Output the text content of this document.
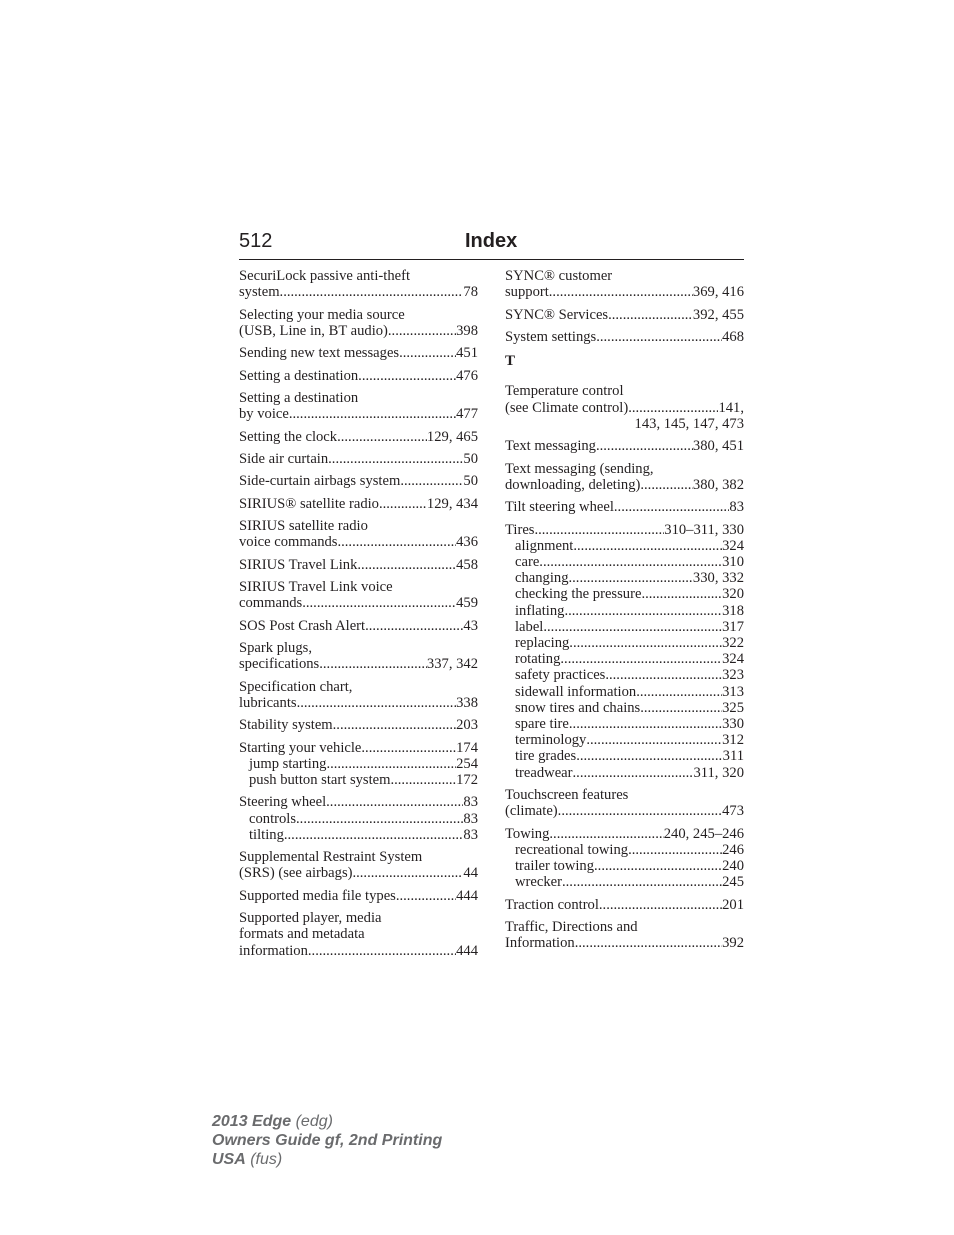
512	Index
SecuriLock passive anti-theft
system .....	78
Selecting your media source
(USB, Line in, BT audio) .....	398
Sending new text messages .....	451
Setting a destination .....	476
Setting a destination
by voice .....	477
Setting the clock .....	129, 465
Side air curtain .....	50
Side-curtain airbags system .....	50
SIRIUS® satellite radio .....	129, 434
SIRIUS satellite radio
voice commands .....	436
SIRIUS Travel Link .....	458
SIRIUS Travel Link voice
commands .....	459
SOS Post Crash Alert .....	43
Spark plugs,
specifications .....	337, 342
Specification chart,
lubricants .....	338
Stability system .....	203
Starting your vehicle .....	174
jump starting .....	254
push button start system .....	172
Steering wheel .....	83
controls .....	83
tilting .....	83
Supplemental Restraint System
(SRS) (see airbags) .....	44
Supported media file types .....	444
Supported player, media
formats and metadata
information .....	444
SYNC® customer
support .....	369, 416
SYNC® Services .....	392, 455
System settings .....	468
T
Temperature control
(see Climate control) .....	141,
143, 145, 147, 473
Text messaging .....	380, 451
Text messaging (sending,
downloading, deleting) .....	380, 382
Tilt steering wheel .....	83
Tires .....	310–311, 330
alignment .....	324
care .....	310
changing .....	330, 332
checking the pressure .....	320
inflating .....	318
label .....	317
replacing .....	322
rotating .....	324
safety practices .....	323
sidewall information .....	313
snow tires and chains .....	325
spare tire .....	330
terminology .....	312
tire grades .....	311
treadwear .....	311, 320
Touchscreen features
(climate) .....	473
Towing .....	240, 245–246
recreational towing .....	246
trailer towing .....	240
wrecker .....	245
Traction control .....	201
Traffic, Directions and
Information .....	392
2013 Edge (edg)
Owners Guide gf, 2nd Printing
USA (fus)
